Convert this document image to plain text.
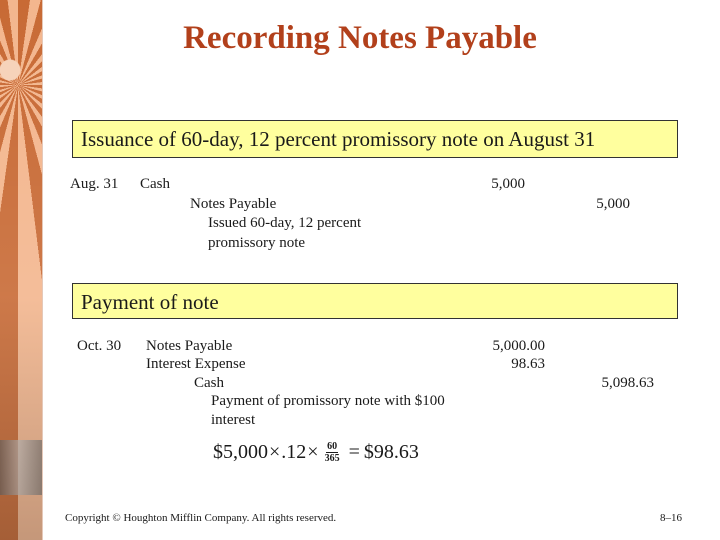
Recording Notes Payable
Issuance of 60-day, 12 percent promissory note on August 31
Aug. 31 Cash
Notes Payable
Issued 60-day, 12 percent
promissory note
5,000
5,000
Payment of note
Oct. 30 Notes Payable
Interest Expense
Cash
Payment of promissory note with $100
interest
5,000.00
98.63
5,098.63
$5,000 × $.12 \times \frac{60}{365}$ = $98.63
Copyright © Houghton Mifflin Company. All rights reserved.	8–16
